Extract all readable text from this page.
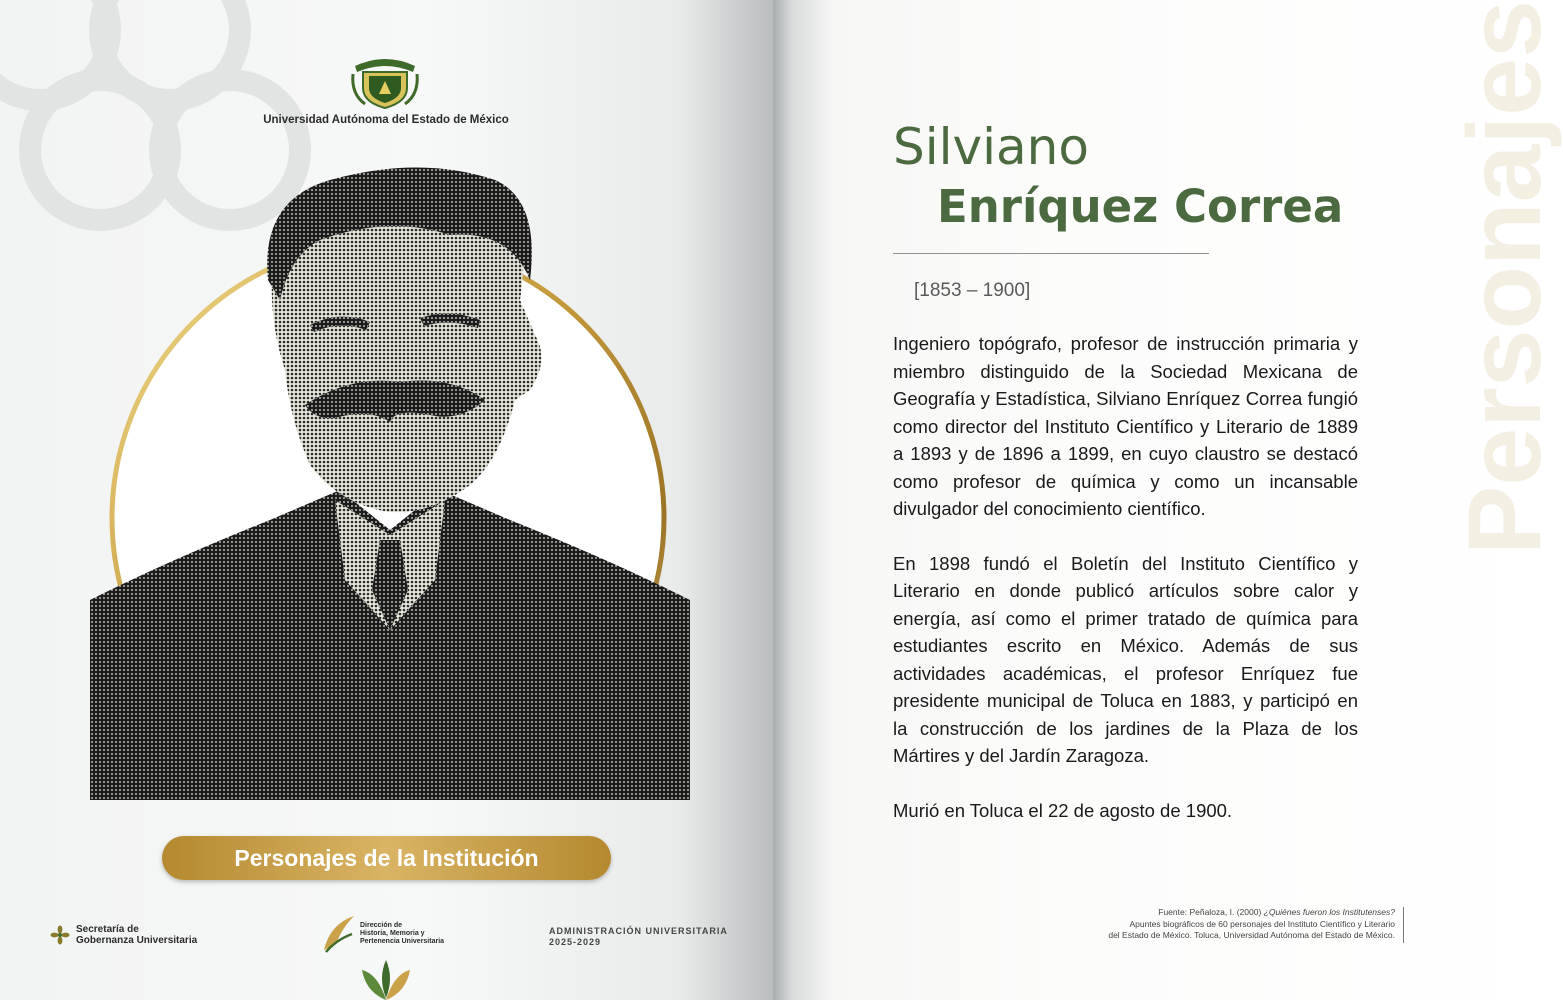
Universidad Autónoma del Estado de México
Personajes de la Institución
Secretaría de
Gobernanza Universitaria
Dirección de
Historia, Memoria y
Pertenencia Universitaria
ADMINISTRACIÓN UNIVERSITARIA
2025-2029
Personajes
Silviano
Enríquez Correa
[1853 – 1900]

Ingeniero topógrafo, profesor de instrucción primaria y miembro distinguido de la Sociedad Mexicana de Geografía y Estadística, Silviano Enríquez Correa fungió como director del Instituto Científico y Literario de 1889 a 1893 y de 1896 a 1899, en cuyo claustro se destacó como profesor de química y como un incansable divulgador del conocimiento científico.

En 1898 fundó el Boletín del Instituto Científico y Literario en donde publicó artículos sobre calor y energía, así como el primer tratado de química para estudiantes escrito en México. Además de sus actividades académicas, el profesor Enríquez fue presidente municipal de Toluca en 1883, y participó en la construcción de los jardines de la Plaza de los Mártires y del Jardín Zaragoza.

Murió en Toluca el 22 de agosto de 1900.

Fuente: Peñaloza, I. (2000) ¿Quiénes fueron los Institutenses?
Apuntes biográficos de 60 personajes del Instituto Científico y Literario
del Estado de México. Toluca, Universidad Autónoma del Estado de México.
